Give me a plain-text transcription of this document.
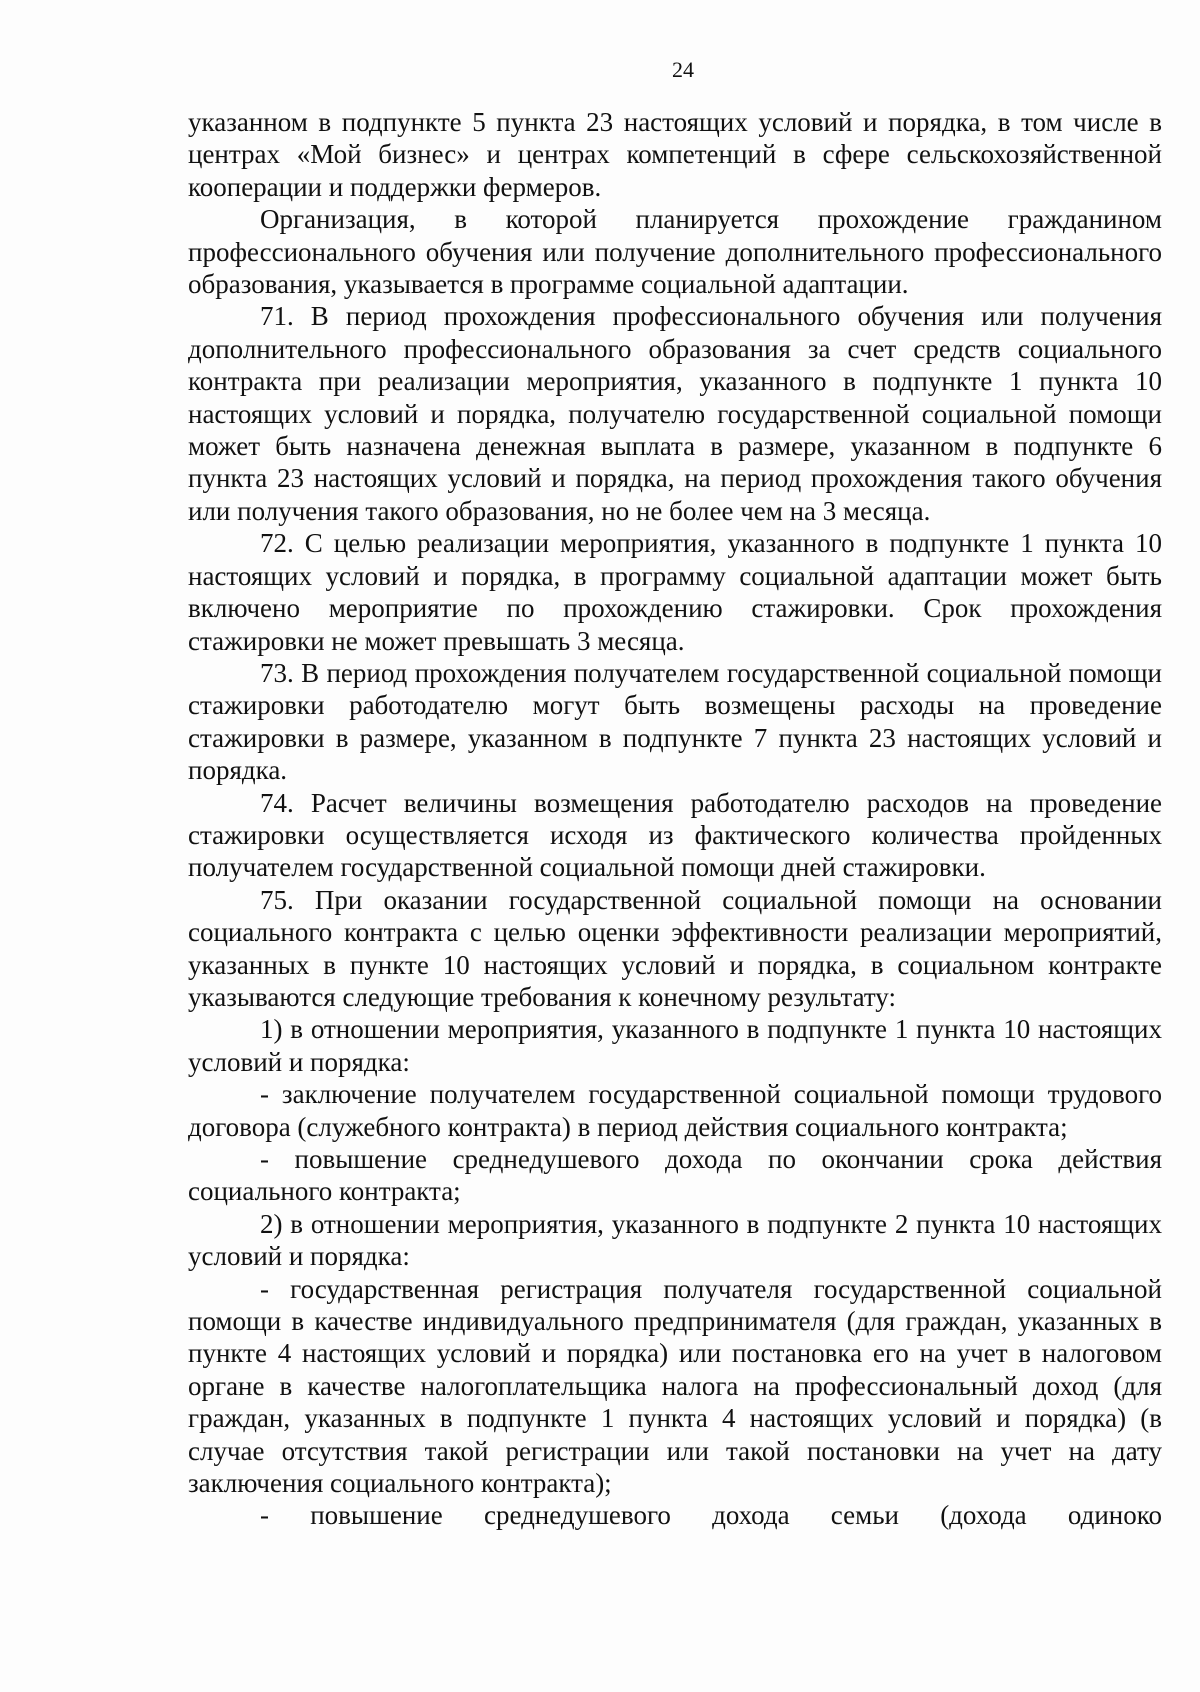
24

указанном в подпункте 5 пункта 23 настоящих условий и порядка, в том числе в центрах «Мой бизнес» и центрах компетенций в сфере сельскохозяйственной кооперации и поддержки фермеров.

Организация, в которой планируется прохождение гражданином профессионального обучения или получение дополнительного профессионального образования, указывается в программе социальной адаптации.

71. В период прохождения профессионального обучения или получения дополнительного профессионального образования за счет средств социального контракта при реализации мероприятия, указанного в подпункте 1 пункта 10 настоящих условий и порядка, получателю государственной социальной помощи может быть назначена денежная выплата в размере, указанном в подпункте 6 пункта 23 настоящих условий и порядка, на период прохождения такого обучения или получения такого образования, но не более чем на 3 месяца.

72. С целью реализации мероприятия, указанного в подпункте 1 пункта 10 настоящих условий и порядка, в программу социальной адаптации может быть включено мероприятие по прохождению стажировки. Срок прохождения стажировки не может превышать 3 месяца.

73. В период прохождения получателем государственной социальной помощи стажировки работодателю могут быть возмещены расходы на проведение стажировки в размере, указанном в подпункте 7 пункта 23 настоящих условий и порядка.

74. Расчет величины возмещения работодателю расходов на проведение стажировки осуществляется исходя из фактического количества пройденных получателем государственной социальной помощи дней стажировки.

75. При оказании государственной социальной помощи на основании социального контракта с целью оценки эффективности реализации мероприятий, указанных в пункте 10 настоящих условий и порядка, в социальном контракте указываются следующие требования к конечному результату:

1) в отношении мероприятия, указанного в подпункте 1 пункта 10 настоящих условий и порядка:

- заключение получателем государственной социальной помощи трудового договора (служебного контракта) в период действия социального контракта;

- повышение среднедушевого дохода по окончании срока действия социального контракта;

2) в отношении мероприятия, указанного в подпункте 2 пункта 10 настоящих условий и порядка:

- государственная регистрация получателя государственной социальной помощи в качестве индивидуального предпринимателя (для граждан, указанных в пункте 4 настоящих условий и порядка) или постановка его на учет в налоговом органе в качестве налогоплательщика налога на профессиональный доход (для граждан, указанных в подпункте 1 пункта 4 настоящих условий и порядка) (в случае отсутствия такой регистрации или такой постановки на учет на дату заключения социального контракта);

- повышение среднедушевого дохода семьи (дохода одиноко
